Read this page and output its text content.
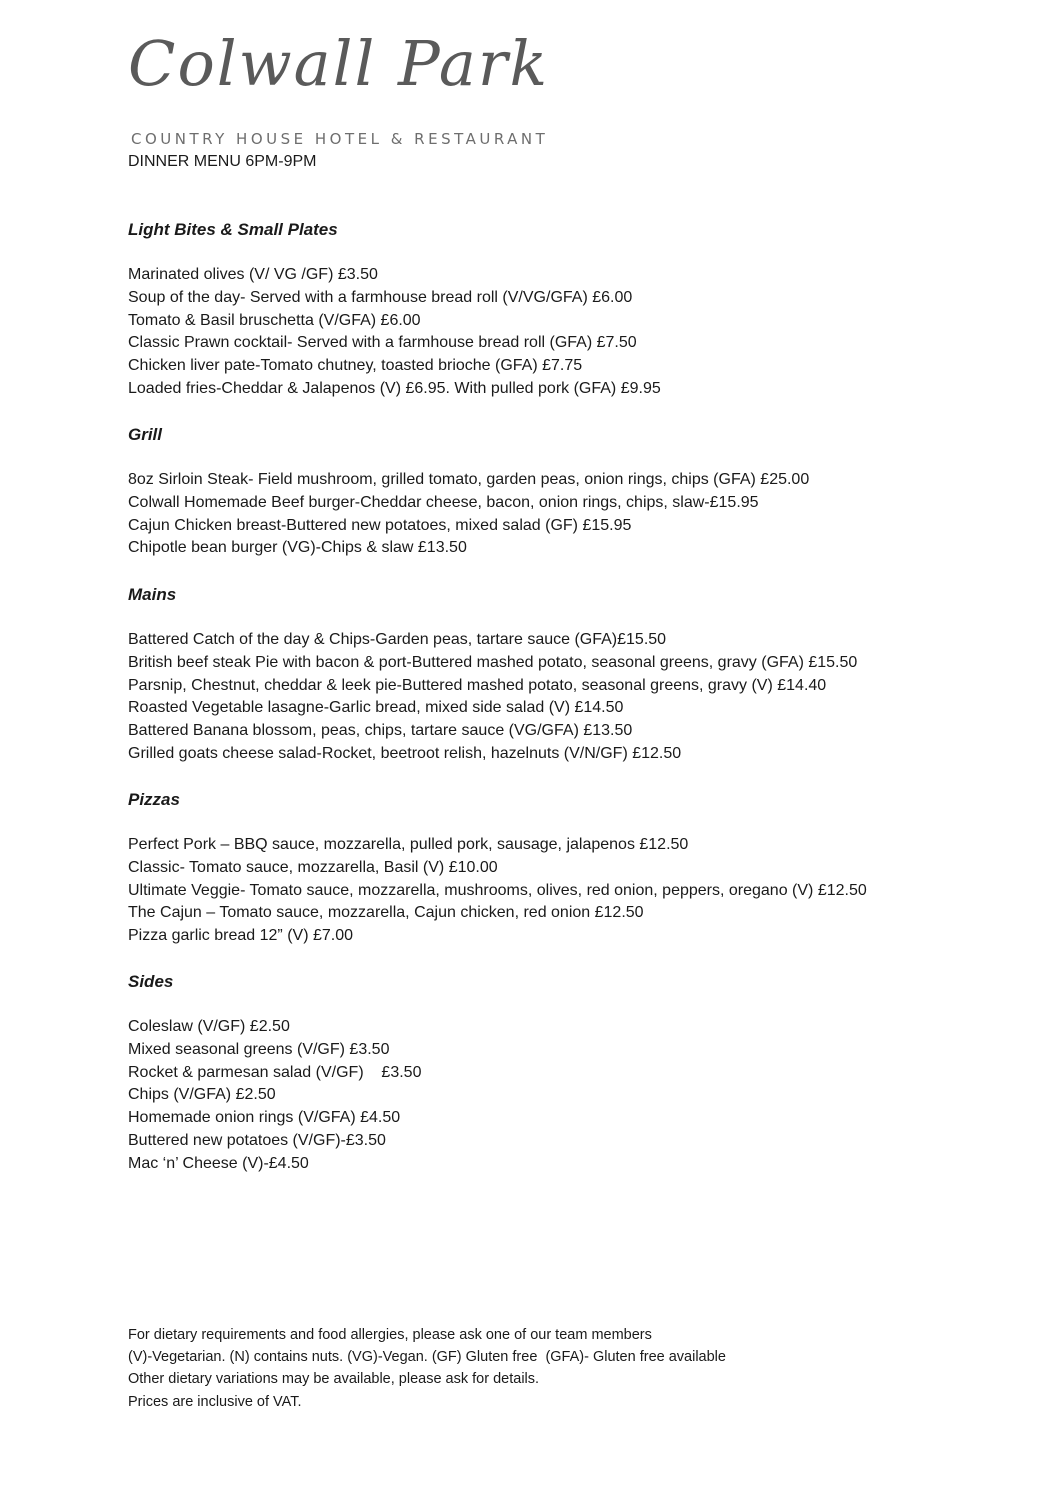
Colwall Park
COUNTRY HOUSE HOTEL & RESTAURANT
DINNER MENU 6PM-9PM
Light Bites & Small Plates
Marinated olives (V/ VG /GF) £3.50
Soup of the day- Served with a farmhouse bread roll (V/VG/GFA) £6.00
Tomato & Basil bruschetta (V/GFA) £6.00
Classic Prawn cocktail- Served with a farmhouse bread roll (GFA) £7.50
Chicken liver pate-Tomato chutney, toasted brioche (GFA) £7.75
Loaded fries-Cheddar & Jalapenos (V) £6.95. With pulled pork (GFA) £9.95
Grill
8oz Sirloin Steak- Field mushroom, grilled tomato, garden peas, onion rings, chips (GFA) £25.00
Colwall Homemade Beef burger-Cheddar cheese, bacon, onion rings, chips, slaw-£15.95
Cajun Chicken breast-Buttered new potatoes, mixed salad (GF) £15.95
Chipotle bean burger (VG)-Chips & slaw £13.50
Mains
Battered Catch of the day & Chips-Garden peas, tartare sauce (GFA)£15.50
British beef steak Pie with bacon & port-Buttered mashed potato, seasonal greens, gravy (GFA) £15.50
Parsnip, Chestnut, cheddar & leek pie-Buttered mashed potato, seasonal greens, gravy (V) £14.40
Roasted Vegetable lasagne-Garlic bread, mixed side salad (V) £14.50
Battered Banana blossom, peas, chips, tartare sauce (VG/GFA) £13.50
Grilled goats cheese salad-Rocket, beetroot relish, hazelnuts (V/N/GF) £12.50
Pizzas
Perfect Pork – BBQ sauce, mozzarella, pulled pork, sausage, jalapenos £12.50
Classic- Tomato sauce, mozzarella, Basil (V) £10.00
Ultimate Veggie- Tomato sauce, mozzarella, mushrooms, olives, red onion, peppers, oregano (V) £12.50
The Cajun – Tomato sauce, mozzarella, Cajun chicken, red onion £12.50
Pizza garlic bread 12” (V) £7.00
Sides
Coleslaw (V/GF) £2.50
Mixed seasonal greens (V/GF) £3.50
Rocket & parmesan salad (V/GF)    £3.50
Chips (V/GFA) £2.50
Homemade onion rings (V/GFA) £4.50
Buttered new potatoes (V/GF)-£3.50
Mac ‘n’ Cheese (V)-£4.50
For dietary requirements and food allergies, please ask one of our team members
(V)-Vegetarian. (N) contains nuts. (VG)-Vegan. (GF) Gluten free  (GFA)- Gluten free available
Other dietary variations may be available, please ask for details.
Prices are inclusive of VAT.
